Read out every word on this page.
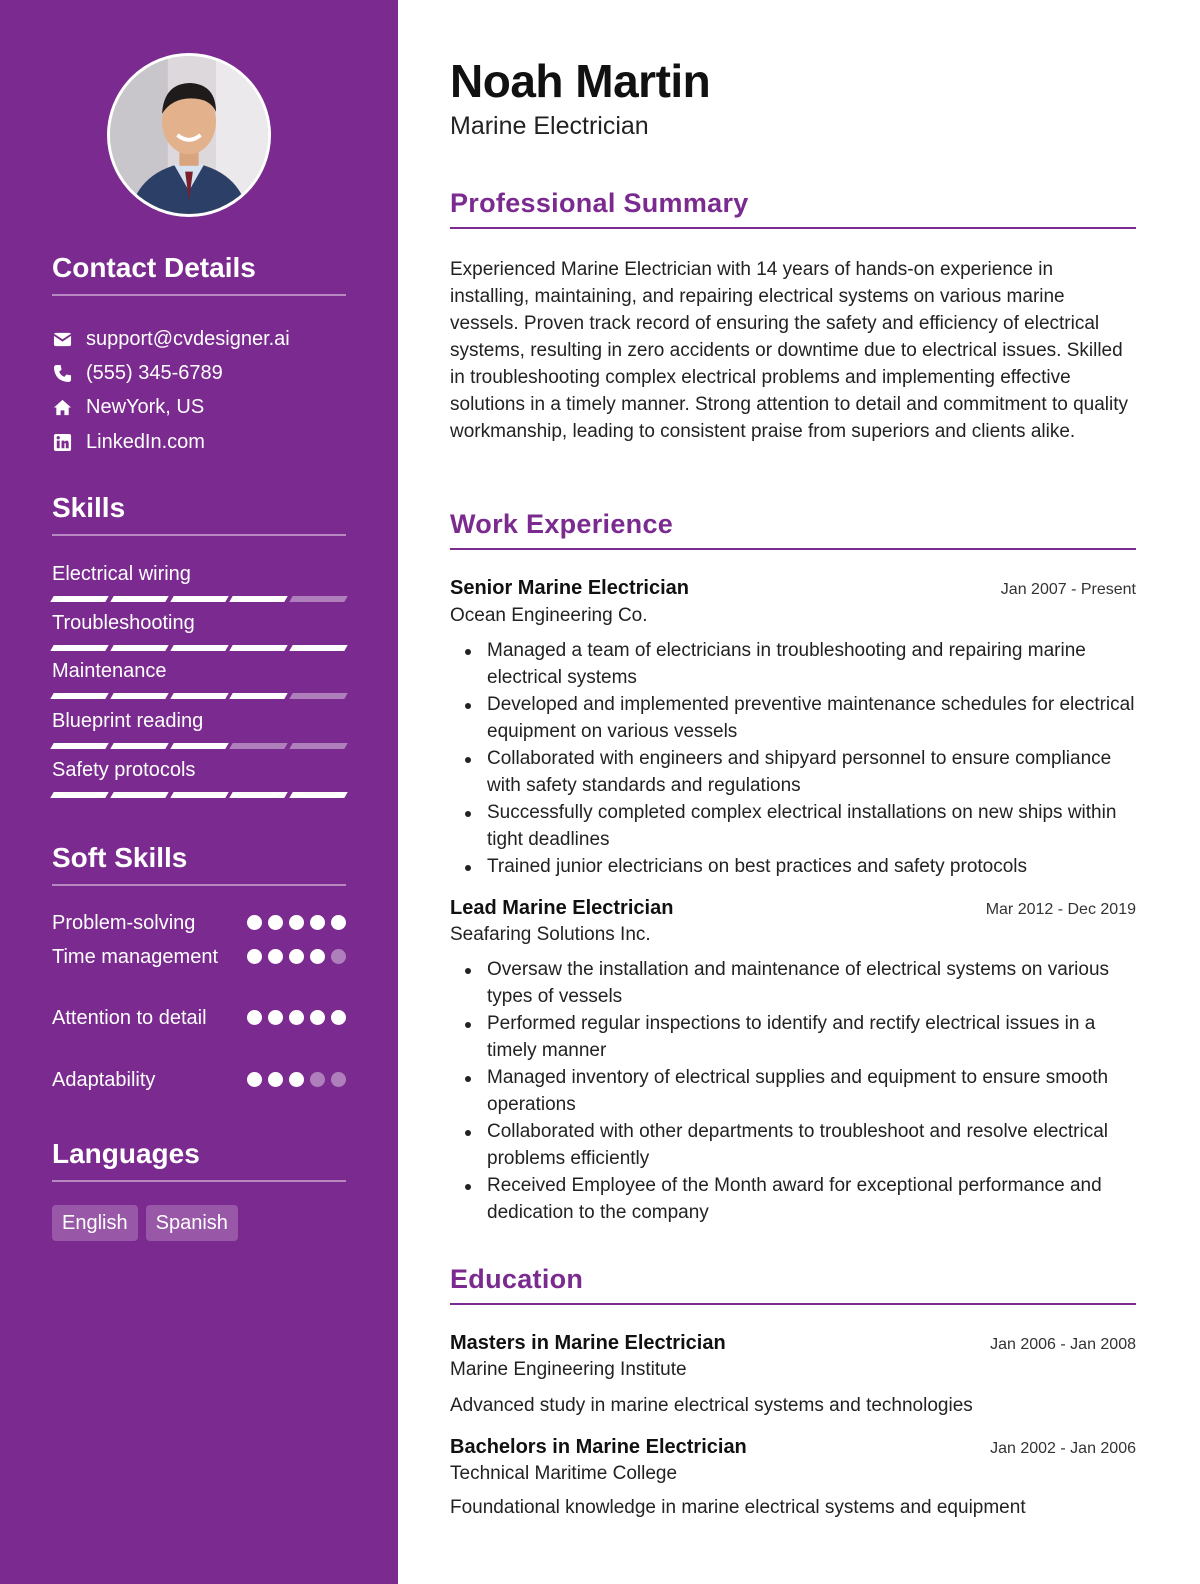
Contact Details
support@cvdesigner.ai
(555) 345-6789
NewYork, US
LinkedIn.com
Skills
Electrical wiring
Troubleshooting
Maintenance
Blueprint reading
Safety protocols
Soft Skills
Problem-solving
Time management
Attention to detail
Adaptability
Languages
English	Spanish
Noah Martin
Marine Electrician
Professional Summary

Experienced Marine Electrician with 14 years of hands-on experience in installing, maintaining, and repairing electrical systems on various marine vessels. Proven track record of ensuring the safety and efficiency of electrical systems, resulting in zero accidents or downtime due to electrical issues. Skilled in troubleshooting complex electrical problems and implementing effective solutions in a timely manner. Strong attention to detail and commitment to quality workmanship, leading to consistent praise from superiors and clients alike.

Work Experience
Senior Marine Electrician	Jan 2007 - Present
Ocean Engineering Co.
Managed a team of electricians in troubleshooting and repairing marine electrical systems
Developed and implemented preventive maintenance schedules for electrical equipment on various vessels
Collaborated with engineers and shipyard personnel to ensure compliance with safety standards and regulations
Successfully completed complex electrical installations on new ships within tight deadlines
Trained junior electricians on best practices and safety protocols
Lead Marine Electrician	Mar 2012 - Dec 2019
Seafaring Solutions Inc.
Oversaw the installation and maintenance of electrical systems on various types of vessels
Performed regular inspections to identify and rectify electrical issues in a timely manner
Managed inventory of electrical supplies and equipment to ensure smooth operations
Collaborated with other departments to troubleshoot and resolve electrical problems efficiently
Received Employee of the Month award for exceptional performance and dedication to the company
Education
Masters in Marine Electrician	Jan 2006 - Jan 2008
Marine Engineering Institute
Advanced study in marine electrical systems and technologies
Bachelors in Marine Electrician	Jan 2002 - Jan 2006
Technical Maritime College
Foundational knowledge in marine electrical systems and equipment
